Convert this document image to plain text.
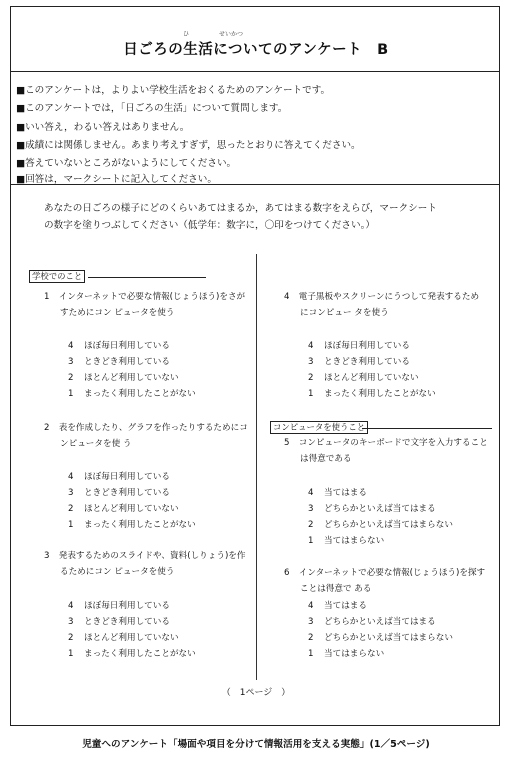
ひ	せいかつ
日ごろの生活についてのアンケート　B
■このアンケートは，よりよい学校生活をおくるためのアンケートです。
■このアンケートでは，「日ごろの生活」について質問します。
■いい答え，わるい答えはありません。
■成績には関係しません。あまり考えすぎず，思ったとおりに答えてください。
■答えていないところがないようにしてください。
■回答は，マークシートに記入してください。
あなたの日ごろの様子にどのくらいあてはまるか，あてはまる数字をえらび，マークシート
の数字を塗りつぶしてください（低学年：数字に，〇印をつけてください。）
学校でのこと
1 インターネットで必要な情報(じょうほう)をさが
すためにコン ピュータを使う
4 ほぼ毎日利用している
3 ときどき利用している
2 ほとんど利用していない
1 まったく利用したことがない
2 表を作成したり、グラフを作ったりするためにコ
ンピュータを使 う
4 ほぼ毎日利用している
3 ときどき利用している
2 ほとんど利用していない
1 まったく利用したことがない
3 発表するためのスライドや、資料(しりょう)を作
るためにコン ピュータを使う
4 ほぼ毎日利用している
3 ときどき利用している
2 ほとんど利用していない
1 まったく利用したことがない
4 電子黒板やスクリーンにうつして発表するため
にコンピュー タを使う
4 ほぼ毎日利用している
3 ときどき利用している
2 ほとんど利用していない
1 まったく利用したことがない
コンピュータを使うこと
5 コンピュータのキーボードで文字を入力すること
は得意である
4 当てはまる
3 どちらかといえば当てはまる
2 どちらかといえば当てはまらない
1 当てはまらない
6 インターネットで必要な情報(じょうほう)を探す
ことは得意で ある
4 当てはまる
3 どちらかといえば当てはまる
2 どちらかといえば当てはまらない
1 当てはまらない
（　1ページ　）
児童へのアンケート「場面や項目を分けて情報活用を支える実態」(1／5ページ)
